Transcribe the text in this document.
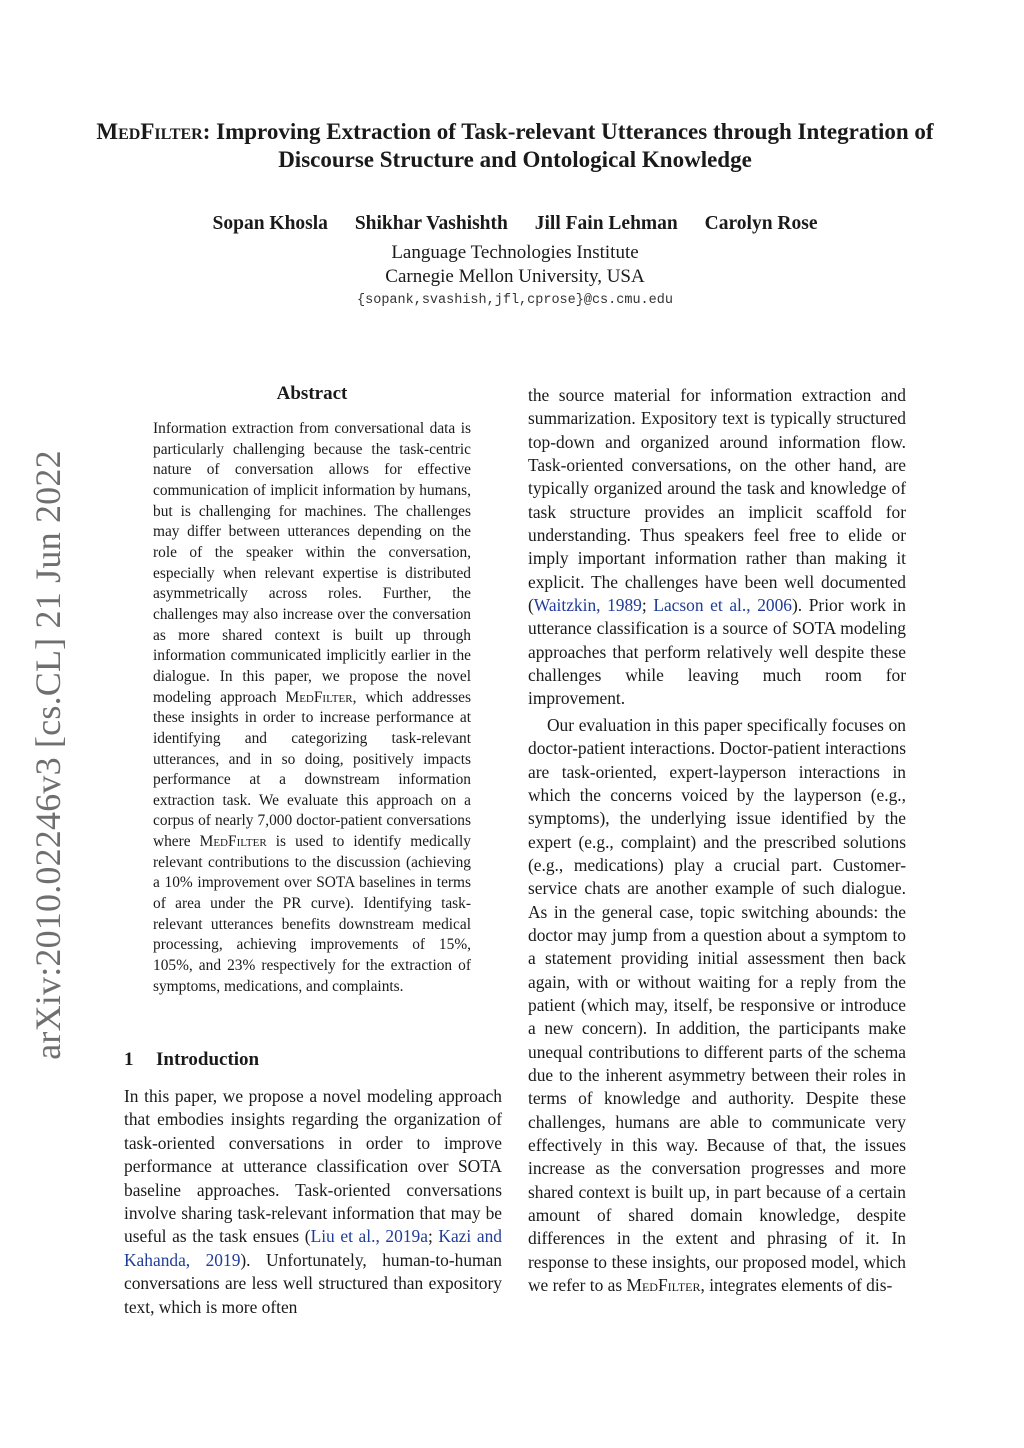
arXiv:2010.02246v3 [cs.CL] 21 Jun 2022
MedFilter: Improving Extraction of Task-relevant Utterances through Integration of Discourse Structure and Ontological Knowledge
Sopan Khosla Shikhar Vashishth Jill Fain Lehman Carolyn Rose
Language Technologies Institute
Carnegie Mellon University, USA
{sopank,svashish,jfl,cprose}@cs.cmu.edu
Abstract
Information extraction from conversational data is particularly challenging because the task-centric nature of conversation allows for effective communication of implicit information by humans, but is challenging for machines. The challenges may differ between utterances depending on the role of the speaker within the conversation, especially when relevant expertise is distributed asymmetrically across roles. Further, the challenges may also increase over the conversation as more shared context is built up through information communicated implicitly earlier in the dialogue. In this paper, we propose the novel modeling approach MedFilter, which addresses these insights in order to increase performance at identifying and categorizing task-relevant utterances, and in so doing, positively impacts performance at a downstream information extraction task. We evaluate this approach on a corpus of nearly 7,000 doctor-patient conversations where MedFilter is used to identify medically relevant contributions to the discussion (achieving a 10% improvement over SOTA baselines in terms of area under the PR curve). Identifying task-relevant utterances benefits downstream medical processing, achieving improvements of 15%, 105%, and 23% respectively for the extraction of symptoms, medications, and complaints.
1 Introduction
In this paper, we propose a novel modeling approach that embodies insights regarding the organization of task-oriented conversations in order to improve performance at utterance classification over SOTA baseline approaches. Task-oriented conversations involve sharing task-relevant information that may be useful as the task ensues (Liu et al., 2019a; Kazi and Kahanda, 2019). Unfortunately, human-to-human conversations are less well structured than expository text, which is more often

the source material for information extraction and summarization. Expository text is typically structured top-down and organized around information flow. Task-oriented conversations, on the other hand, are typically organized around the task and knowledge of task structure provides an implicit scaffold for understanding. Thus speakers feel free to elide or imply important information rather than making it explicit. The challenges have been well documented (Waitzkin, 1989; Lacson et al., 2006). Prior work in utterance classification is a source of SOTA modeling approaches that perform relatively well despite these challenges while leaving much room for improvement.

Our evaluation in this paper specifically focuses on doctor-patient interactions. Doctor-patient interactions are task-oriented, expert-layperson interactions in which the concerns voiced by the layperson (e.g., symptoms), the underlying issue identified by the expert (e.g., complaint) and the prescribed solutions (e.g., medications) play a crucial part. Customer-service chats are another example of such dialogue. As in the general case, topic switching abounds: the doctor may jump from a question about a symptom to a statement providing initial assessment then back again, with or without waiting for a reply from the patient (which may, itself, be responsive or introduce a new concern). In addition, the participants make unequal contributions to different parts of the schema due to the inherent asymmetry between their roles in terms of knowledge and authority. Despite these challenges, humans are able to communicate very effectively in this way. Because of that, the issues increase as the conversation progresses and more shared context is built up, in part because of a certain amount of shared domain knowledge, despite differences in the extent and phrasing of it. In response to these insights, our proposed model, which we refer to as MedFilter, integrates elements of dis-
